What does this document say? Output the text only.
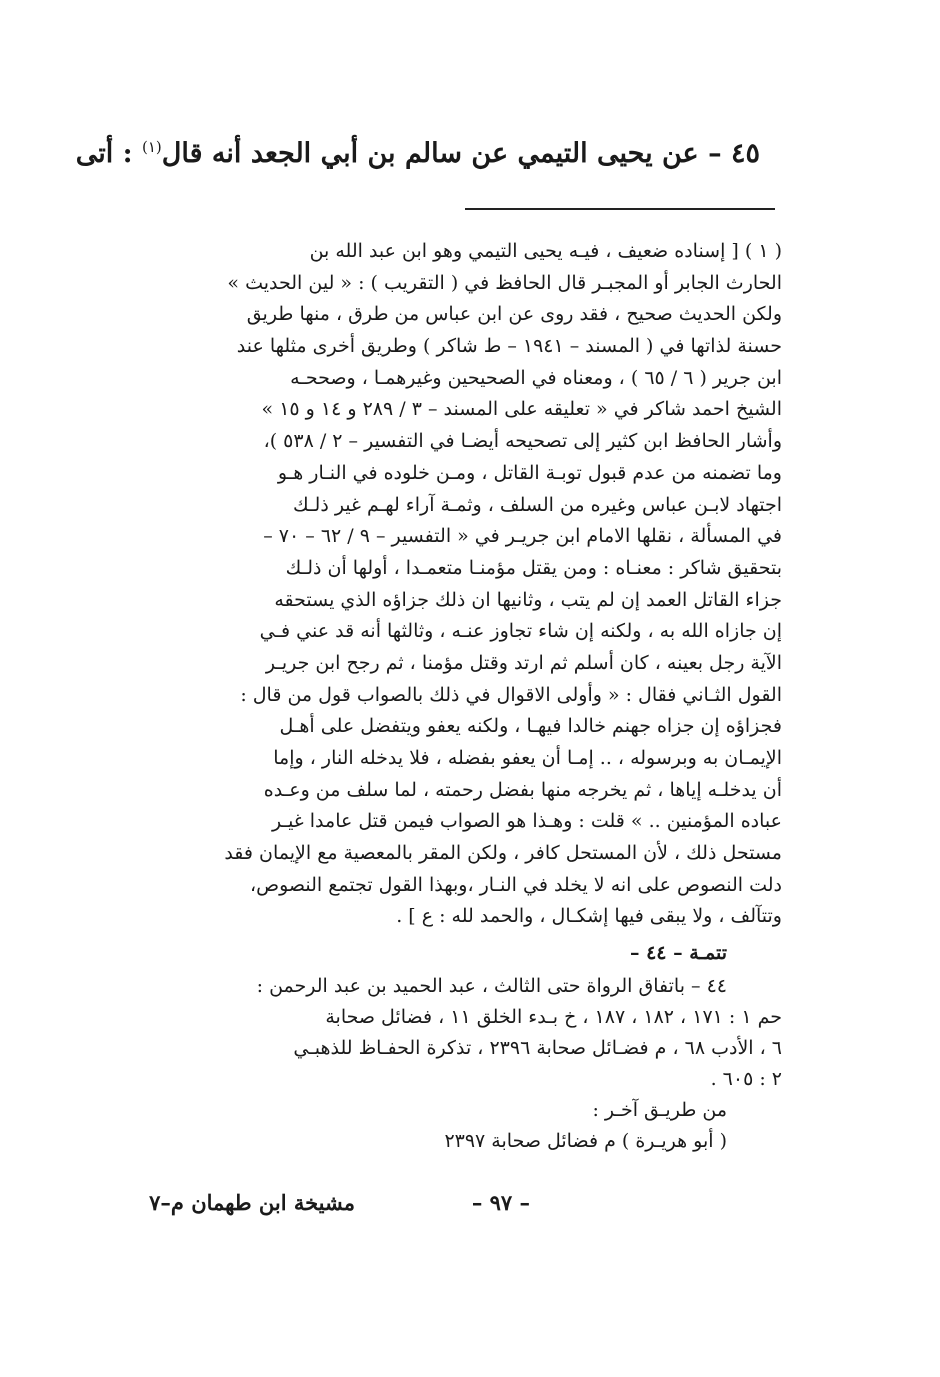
٤٥ – عن يحيى التيمي عن سالم بن أبي الجعد أنه قال$^{(١)}$ : أتى
( ١ ) [ إسناده ضعيف ، فيـه يحيى التيمي وهو ابن عبد الله بن
الحارث الجابر أو المجبـر قال الحافظ في ( التقريب ) : « لين الحديث »
ولكن الحديث صحيح ، فقد روى عن ابن عباس من طرق ، منها طريق
حسنة لذاتها في ( المسند – ١٩٤١ – ط شاكر ) وطريق أخرى مثلها عند
ابن جرير ( ٦ / ٦٥ ) ، ومعناه في الصحيحين وغيرهمـا ، وصححـه
الشيخ احمد شاكر في « تعليقه على المسند – ٣ / ٢٨٩ و ١٤ و ١٥ »
وأشار الحافظ ابن كثير إلى تصحيحه أيضـا في التفسير – ٢ / ٥٣٨ )،
وما تضمنه من عدم قبول توبـة القاتل ، ومـن خلوده في النـار هـو
اجتهاد لابـن عباس وغيره من السلف ، وثمـة آراء لهـم غير ذلـك
في المسألة ، نقلها الامام ابن جريـر في « التفسير – ٩ / ٦٢ – ٧٠ –
بتحقيق شاكر : معنـاه : ومن يقتل مؤمنـا متعمـدا ، أولها أن ذلـك
جزاء القاتل العمد إن لم يتب ، وثانيها ان ذلك جزاؤه الذي يستحقه
إن جازاه الله به ، ولكنه إن شاء تجاوز عنـه ، وثالثها أنه قد عني فـي
الآية رجل بعينه ، كان أسلم ثم ارتد وقتل مؤمنا ، ثم رجح ابن جريـر
القول الثـاني فقال : « وأولى الاقوال في ذلك بالصواب قول من قال :
فجزاؤه إن جزاه جهنم خالدا فيهـا ، ولكنه يعفو ويتفضل على أهـل
الإيمـان به وبرسوله ، .. إمـا أن يعفو بفضله ، فلا يدخله النار ، وإما
أن يدخلـه إياها ، ثم يخرجه منها بفضل رحمته ، لما سلف من وعـده
عباده المؤمنين .. » قلت : وهـذا هو الصواب فيمن قتل عامدا غيـر
مستحل ذلك ، لأن المستحل كافر ، ولكن المقر بالمعصية مع الإيمان فقد
دلت النصوص على انه لا يخلد في النـار ،وبهذا القول تجتمع النصوص،
وتتآلف ، ولا يبقى فيها إشكـال ، والحمد لله : ع ] .
تتمـة – ٤٤ –
٤٤ – باتفاق الرواة حتى الثالث ، عبد الحميد بن عبد الرحمن :
حم ١ : ١٧١ ، ١٨٢ ، ١٨٧ ، خ بـدء الخلق ١١ ، فضائل صحابة
٦ ، الأدب ٦٨ ، م فضـائل صحابة ٢٣٩٦ ، تذكرة الحفـاظ للذهبـي
٢ : ٦٠٥ .
من طريـق آخـر :
( أبو هريـرة ) م فضائل صحابة ٢٣٩٧
– ٩٧ –
مشيخة ابن طهمان م–٧
